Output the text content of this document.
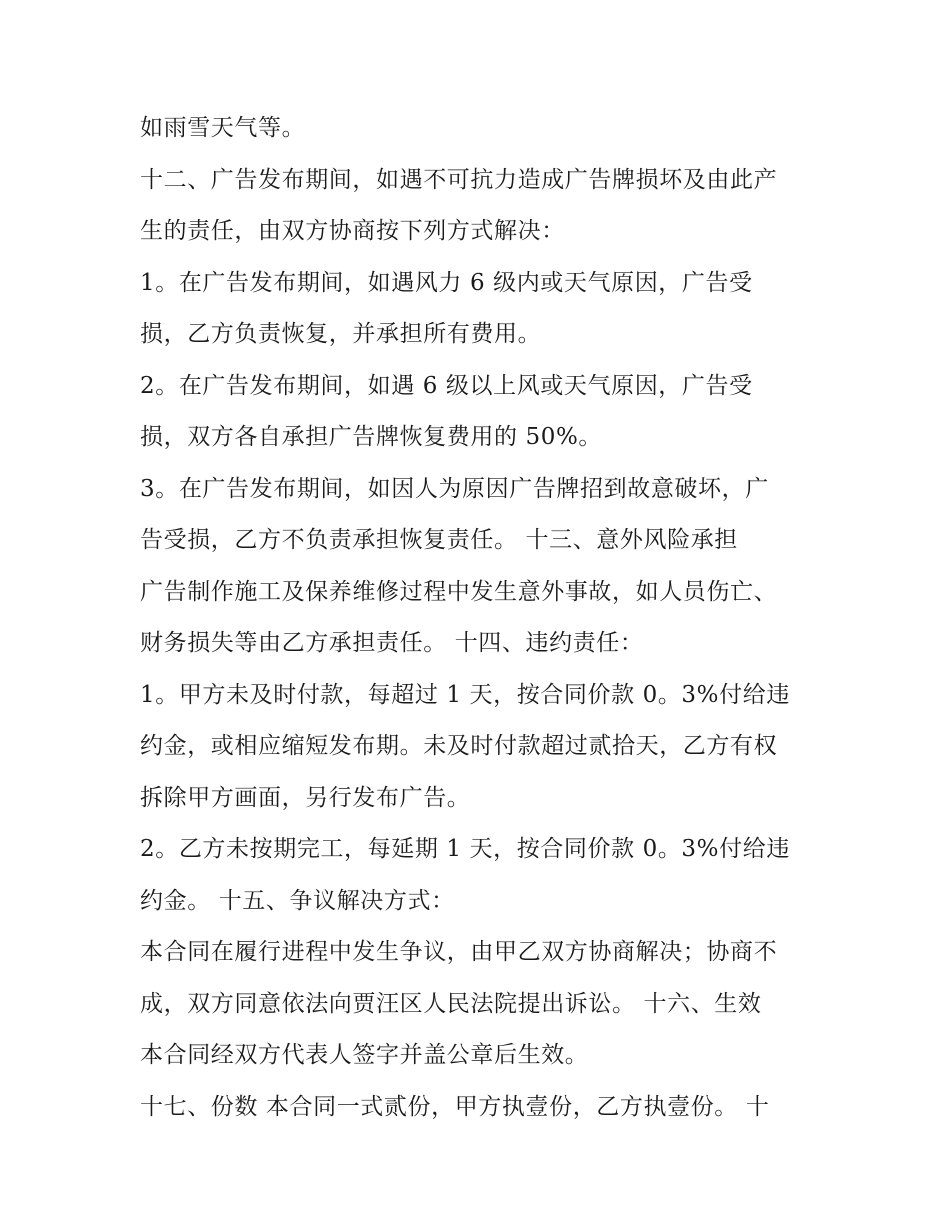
如雨雪天气等。
十二、广告发布期间，如遇不可抗力造成广告牌损坏及由此产
生的责任，由双方协商按下列方式解决：
1。在广告发布期间，如遇风力 6 级内或天气原因，广告受
损，乙方负责恢复，并承担所有费用。
2。在广告发布期间，如遇 6 级以上风或天气原因，广告受
损，双方各自承担广告牌恢复费用的 50%。
3。在广告发布期间，如因人为原因广告牌招到故意破坏，广
告受损，乙方不负责承担恢复责任。 十三、意外风险承担
广告制作施工及保养维修过程中发生意外事故，如人员伤亡、
财务损失等由乙方承担责任。 十四、违约责任：
1。甲方未及时付款，每超过 1 天，按合同价款 0。3%付给违
约金，或相应缩短发布期。未及时付款超过贰拾天，乙方有权
拆除甲方画面，另行发布广告。
2。乙方未按期完工，每延期 1 天，按合同价款 0。3%付给违
约金。 十五、争议解决方式：
本合同在履行进程中发生争议，由甲乙双方协商解决；协商不
成，双方同意依法向贾汪区人民法院提出诉讼。 十六、生效
本合同经双方代表人签字并盖公章后生效。
十七、份数 本合同一式贰份，甲方执壹份，乙方执壹份。 十
